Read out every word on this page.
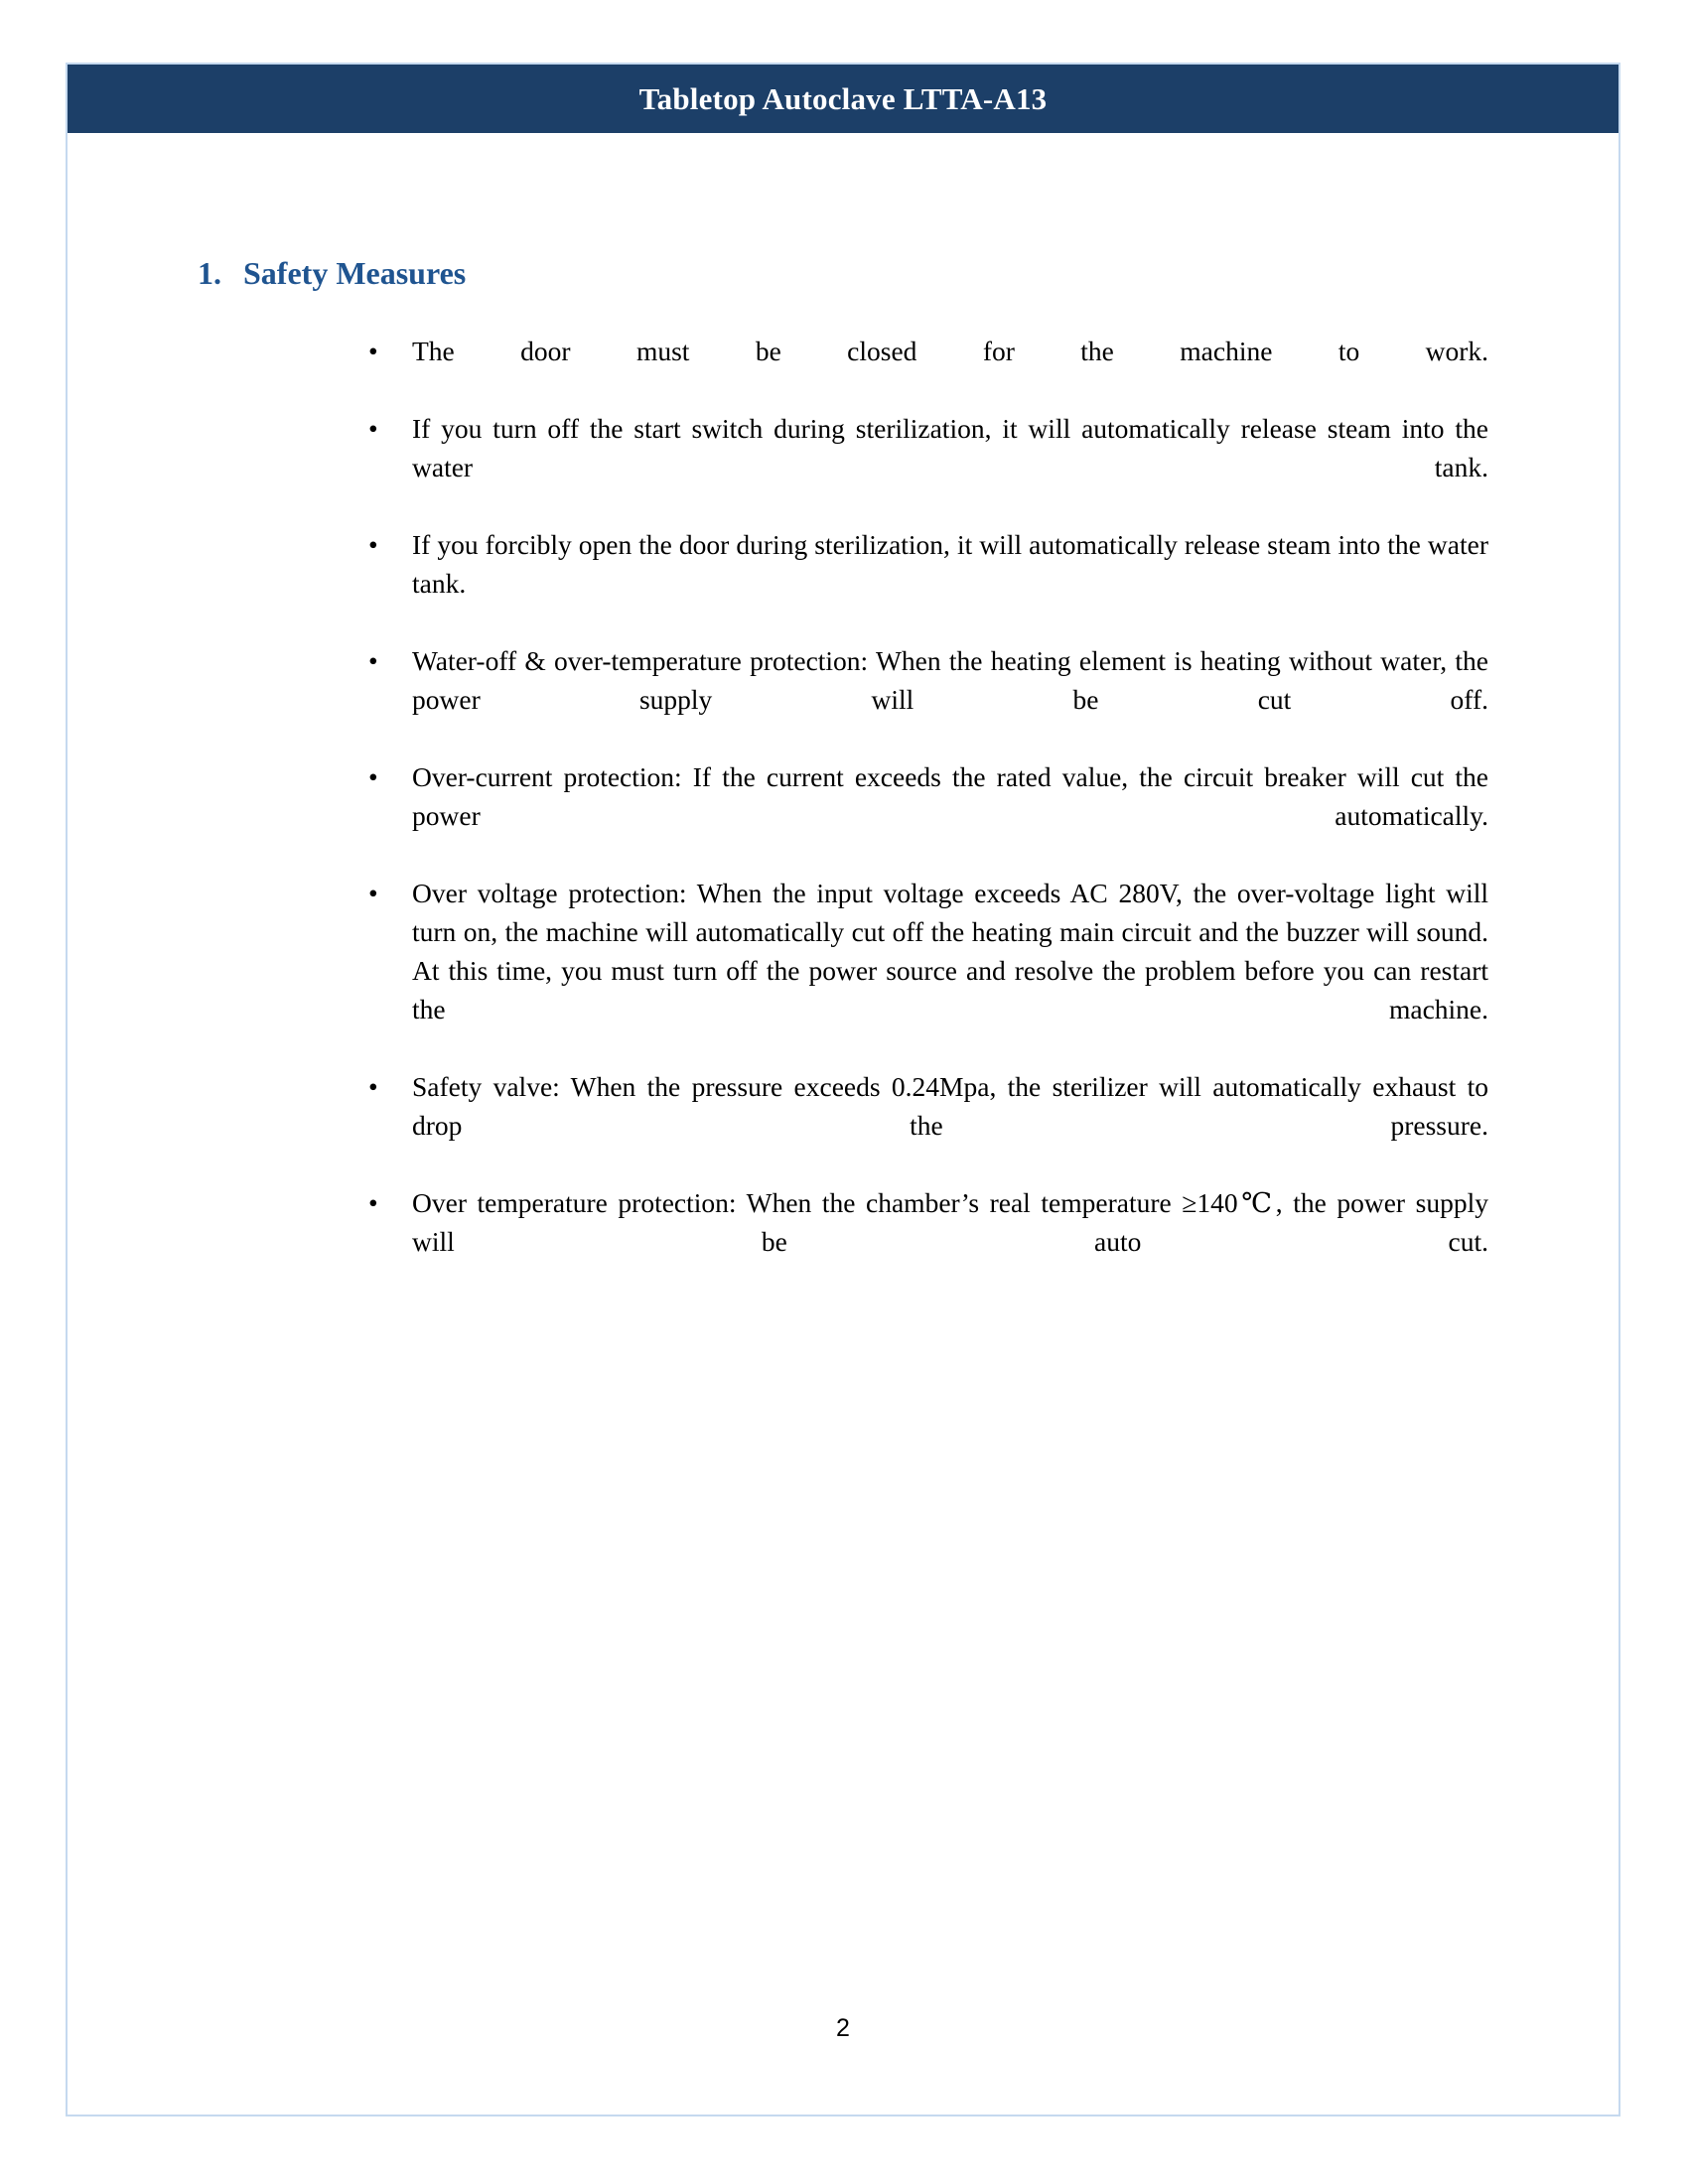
Tabletop Autoclave LTTA-A13
1. Safety Measures
• The door must be closed for the machine to work.
• If you turn off the start switch during sterilization, it will automatically release steam into the water tank.
• If you forcibly open the door during sterilization, it will automatically release steam into the water tank.
• Water-off & over-temperature protection: When the heating element is heating without water, the power supply will be cut off.
• Over-current protection: If the current exceeds the rated value, the circuit breaker will cut the power automatically.
• Over voltage protection: When the input voltage exceeds AC 280V, the over-voltage light will turn on, the machine will automatically cut off the heating main circuit and the buzzer will sound. At this time, you must turn off the power source and resolve the problem before you can restart the machine.
• Safety valve: When the pressure exceeds 0.24Mpa, the sterilizer will automatically exhaust to drop the pressure.
• Over temperature protection: When the chamber’s real temperature ≥140℃, the power supply will be auto cut.
2
